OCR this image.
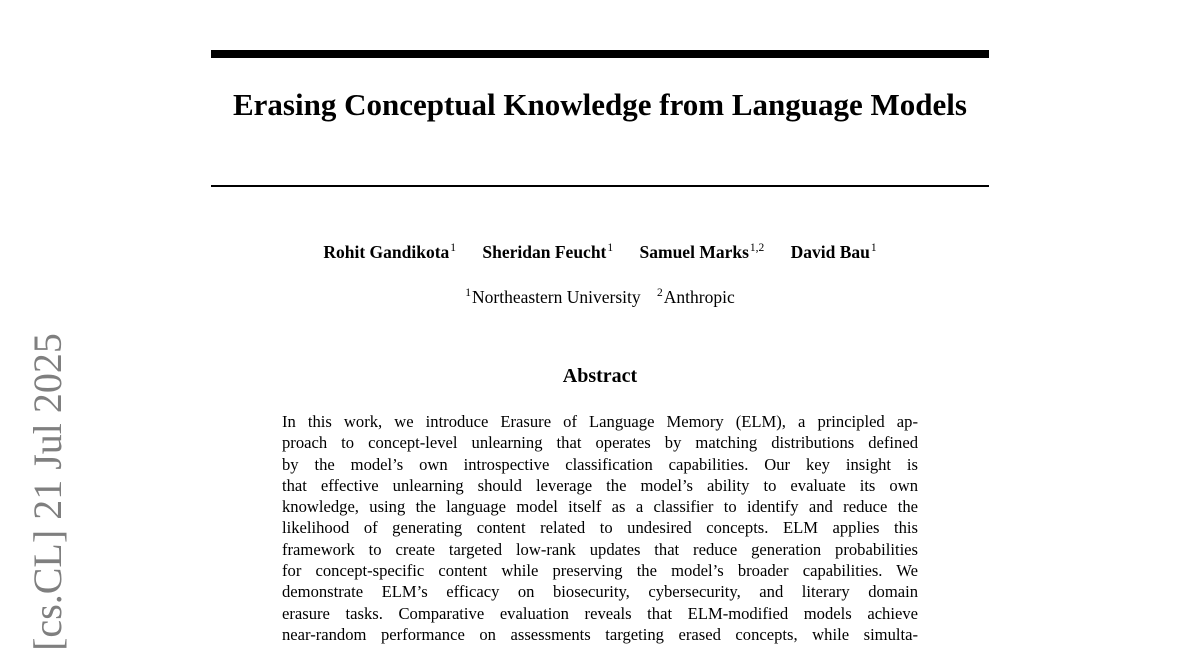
Erasing Conceptual Knowledge from Language Models
Rohit Gandikota$^1$ Sheridan Feucht$^1$ Samuel Marks$^{1,2}$ David Bau$^1$
$^1$Northeastern University $^2$Anthropic
Abstract
In this work, we introduce Erasure of Language Memory (ELM), a principled ap-
proach to concept-level unlearning that operates by matching distributions defined
by the model’s own introspective classification capabilities. Our key insight is
that effective unlearning should leverage the model’s ability to evaluate its own
knowledge, using the language model itself as a classifier to identify and reduce the
likelihood of generating content related to undesired concepts. ELM applies this
framework to create targeted low-rank updates that reduce generation probabilities
for concept-specific content while preserving the model’s broader capabilities. We
demonstrate ELM’s efficacy on biosecurity, cybersecurity, and literary domain
erasure tasks. Comparative evaluation reveals that ELM-modified models achieve
near-random performance on assessments targeting erased concepts, while simulta-
[cs.CL] 21 Jul 2025
